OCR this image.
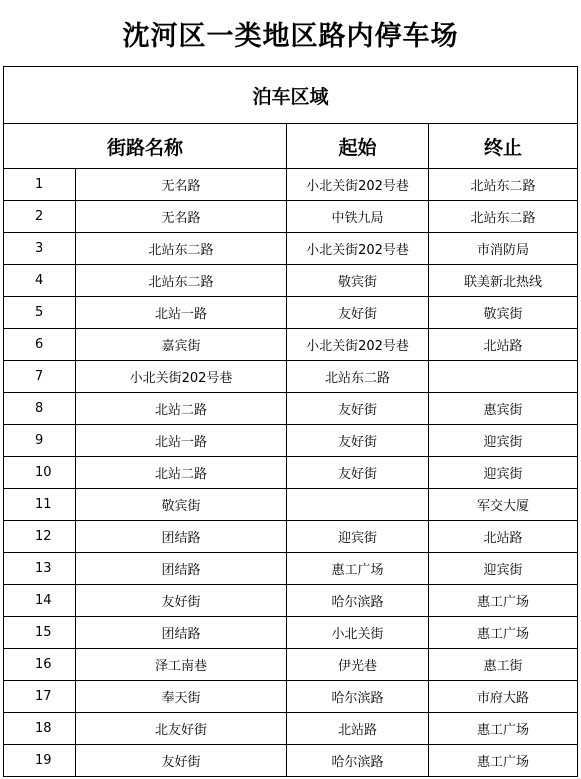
沈河区一类地区路内停车场
泊车区域			
街路名称		起始	终止
1	无名路	小北关街202号巷	北站东二路
2	无名路	中铁九局	北站东二路
3	北站东二路	小北关街202号巷	市消防局
4	北站东二路	敬宾街	联美新北热线
5	北站一路	友好街	敬宾街
6	嘉宾街	小北关街202号巷	北站路
7	小北关街202号巷	北站东二路	
8	北站二路	友好街	惠宾街
9	北站一路	友好街	迎宾街
10	北站二路	友好街	迎宾街
11	敬宾街		军交大厦
12	团结路	迎宾街	北站路
13	团结路	惠工广场	迎宾街
14	友好街	哈尔滨路	惠工广场
15	团结路	小北关街	惠工广场
16	泽工南巷	伊光巷	惠工街
17	奉天街	哈尔滨路	市府大路
18	北友好街	北站路	惠工广场
19	友好街	哈尔滨路	惠工广场
